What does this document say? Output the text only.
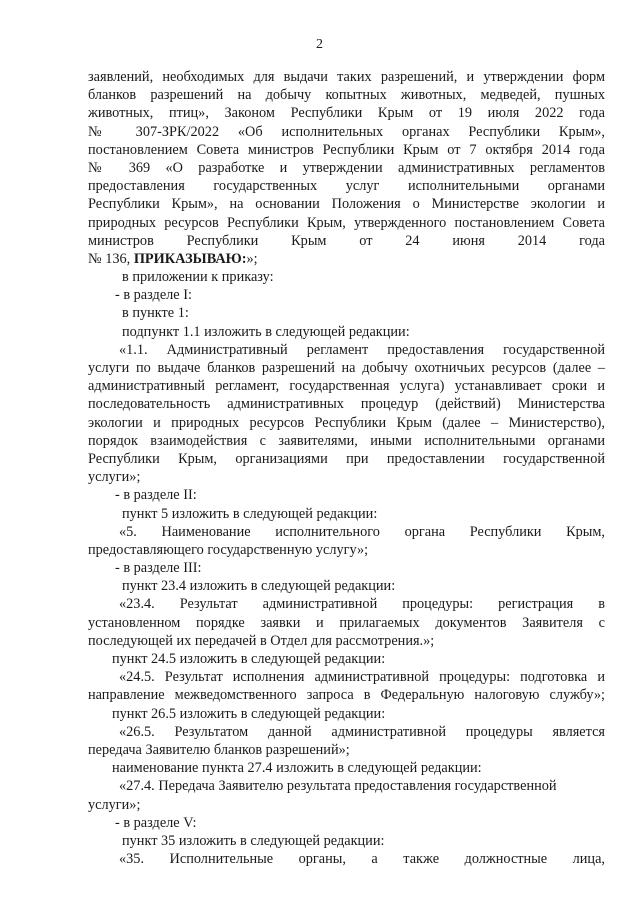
2
заявлений, необходимых для выдачи таких разрешений, и утверждении форм
бланков разрешений на добычу копытных животных, медведей, пушных
животных, птиц», Законом Республики Крым от 19 июля 2022 года
№ 307-ЗРК/2022 «Об исполнительных органах Республики Крым»,
постановлением Совета министров Республики Крым от 7 октября 2014 года
№ 369 «О разработке и утверждении административных регламентов
предоставления государственных услуг исполнительными органами
Республики Крым», на основании Положения о Министерстве экологии и
природных ресурсов Республики Крым, утвержденного постановлением Совета
министров Республики Крым от 24 июня 2014 года
№ 136, ПРИКАЗЫВАЮ:»;
в приложении к приказу:
- в разделе I:
в пункте 1:
подпункт 1.1 изложить в следующей редакции:
«1.1. Административный регламент предоставления государственной
услуги по выдаче бланков разрешений на добычу охотничьих ресурсов (далее –
административный регламент, государственная услуга) устанавливает сроки и
последовательность административных процедур (действий) Министерства
экологии и природных ресурсов Республики Крым (далее – Министерство),
порядок взаимодействия с заявителями, иными исполнительными органами
Республики Крым, организациями при предоставлении государственной
услуги»;
- в разделе II:
пункт 5 изложить в следующей редакции:
«5. Наименование исполнительного органа Республики Крым,
предоставляющего государственную услугу»;
- в разделе III:
пункт 23.4 изложить в следующей редакции:
«23.4. Результат административной процедуры: регистрация в
установленном порядке заявки и прилагаемых документов Заявителя с
последующей их передачей в Отдел для рассмотрения.»;
пункт 24.5 изложить в следующей редакции:
«24.5. Результат исполнения административной процедуры: подготовка и
направление межведомственного запроса в Федеральную налоговую службу»;
пункт 26.5 изложить в следующей редакции:
«26.5. Результатом данной административной процедуры является
передача Заявителю бланков разрешений»;
наименование пункта 27.4 изложить в следующей редакции:
«27.4. Передача Заявителю результата предоставления государственной
услуги»;
- в разделе V:
пункт 35 изложить в следующей редакции:
«35. Исполнительные органы, а также должностные лица,
